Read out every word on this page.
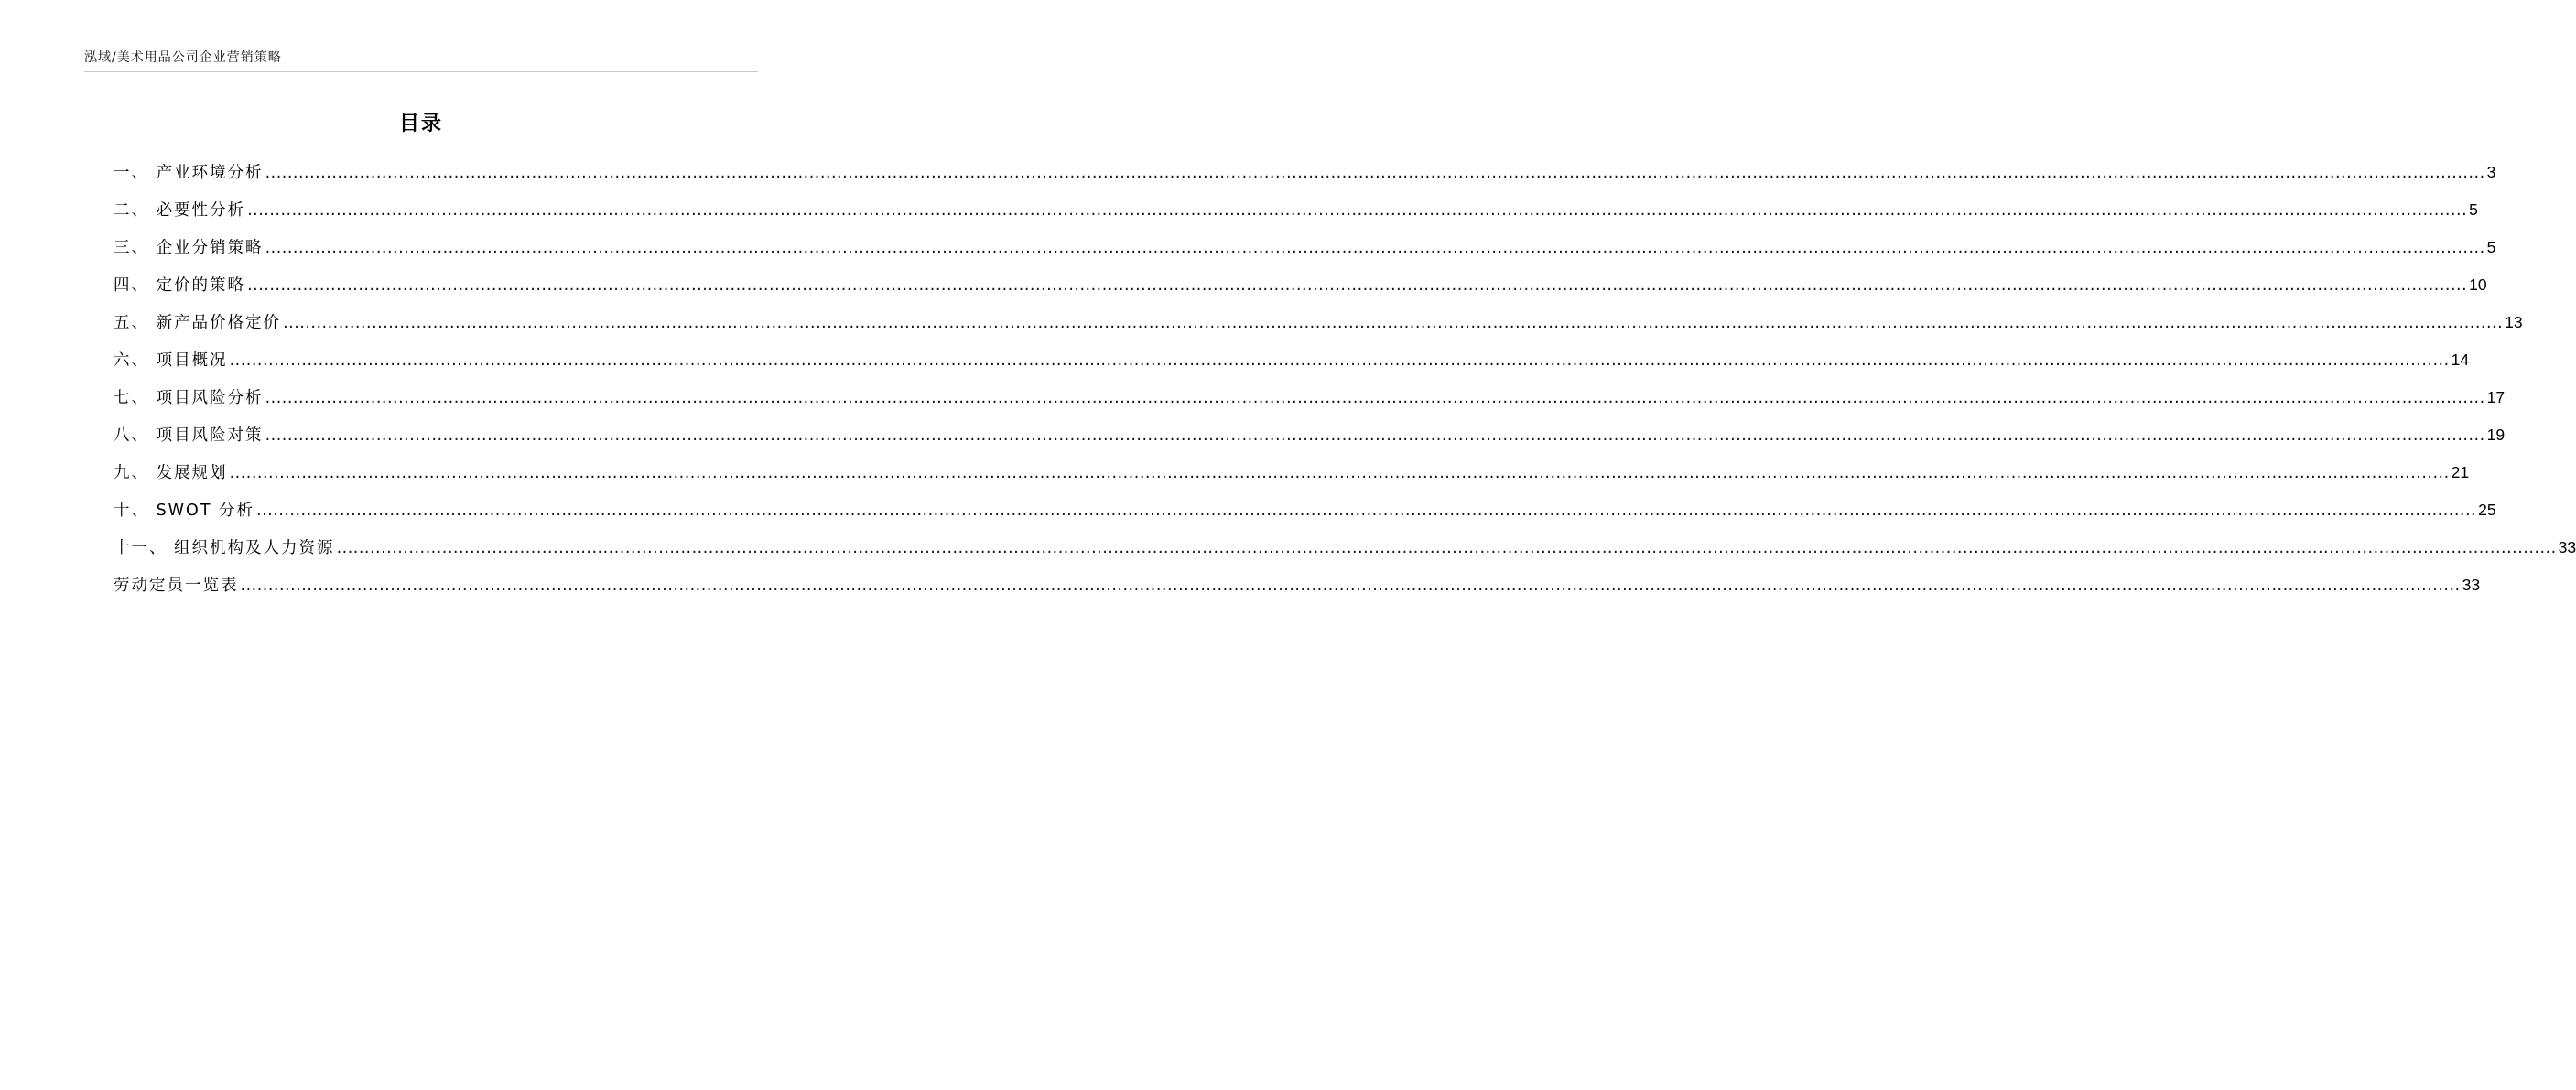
泓域/美术用品公司企业营销策略
目录
一、 产业环境分析 ................................................................................................................................................................................................................................................................................................................................................................................................................ 3
二、 必要性分析 ................................................................................................................................................................................................................................................................................................................................................................................................................ 5
三、 企业分销策略 ................................................................................................................................................................................................................................................................................................................................................................................................................ 5
四、 定价的策略 ................................................................................................................................................................................................................................................................................................................................................................................................................ 10
五、 新产品价格定价 ................................................................................................................................................................................................................................................................................................................................................................................................................ 13
六、 项目概况 ................................................................................................................................................................................................................................................................................................................................................................................................................ 14
七、 项目风险分析 ................................................................................................................................................................................................................................................................................................................................................................................................................ 17
八、 项目风险对策 ................................................................................................................................................................................................................................................................................................................................................................................................................ 19
九、 发展规划 ................................................................................................................................................................................................................................................................................................................................................................................................................ 21
十、 SWOT 分析 ................................................................................................................................................................................................................................................................................................................................................................................................................ 25
十一、 组织机构及人力资源 ................................................................................................................................................................................................................................................................................................................................................................................................................ 33
劳动定员一览表 ................................................................................................................................................................................................................................................................................................................................................................................................................ 33
